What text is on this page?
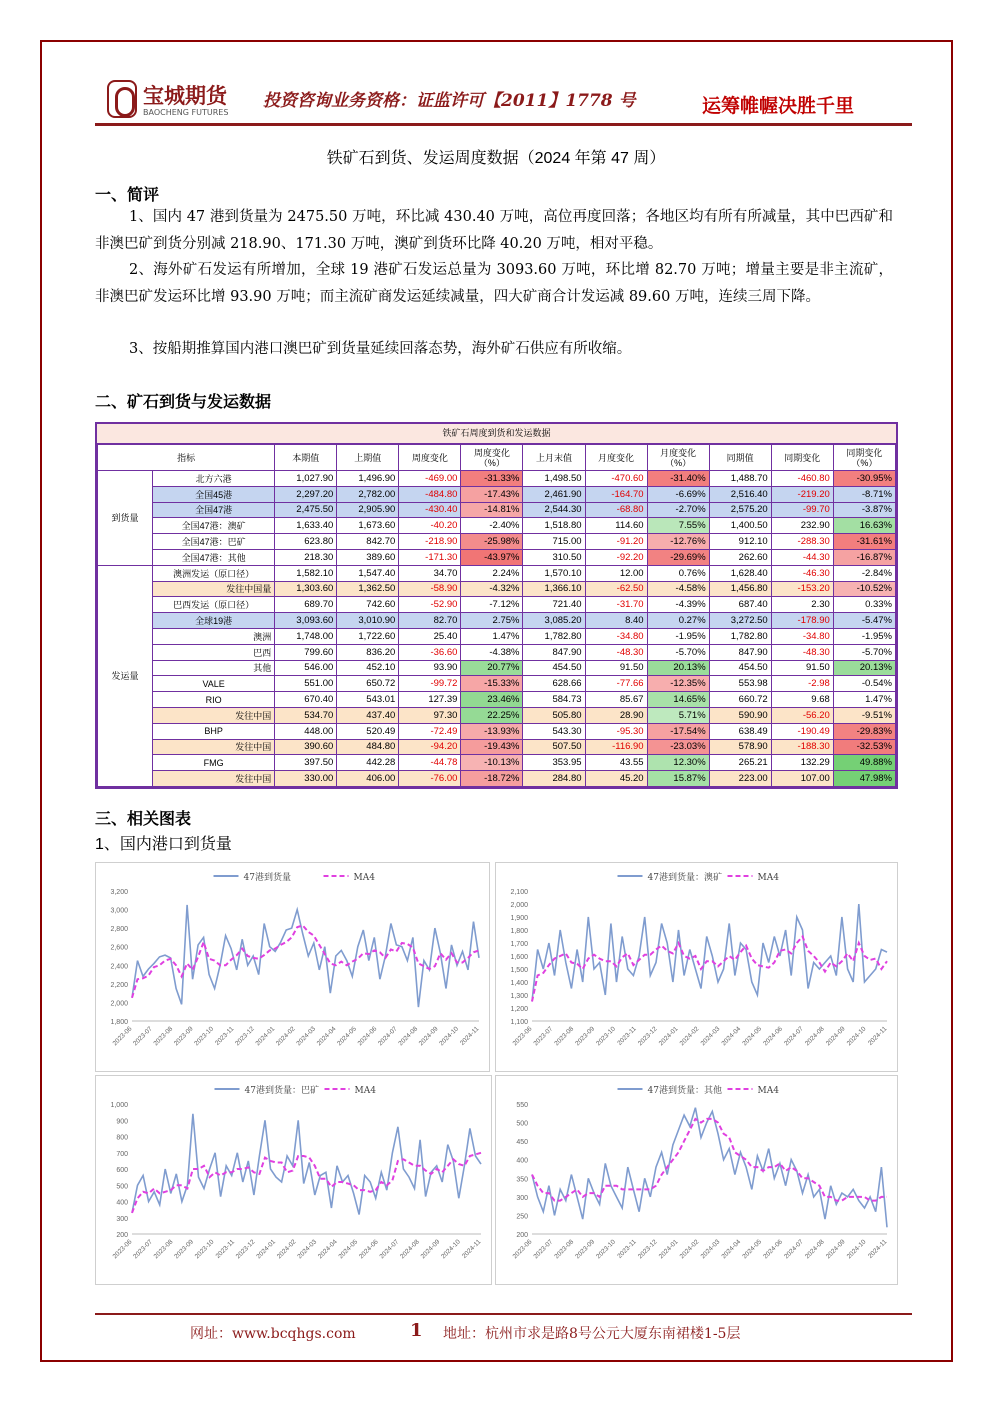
宝城期货
BAOCHENG FUTURES
投资咨询业务资格：证监许可【2011】1778 号	运筹帷幄决胜千里
铁矿石到货、发运周度数据（2024 年第 47 周）
一、简评
1、国内 47 港到货量为 2475.50 万吨，环比减 430.40 万吨，高位再度回落；各地区均有所有所减量，其中巴西矿和非澳巴矿到货分别减 218.90、171.30 万吨，澳矿到货环比降 40.20 万吨，相对平稳。
2、海外矿石发运有所增加，全球 19 港矿石发运总量为 3093.60 万吨，环比增 82.70 万吨；增量主要是非主流矿，非澳巴矿发运环比增 93.90 万吨；而主流矿商发运延续减量，四大矿商合计发运减 89.60 万吨，连续三周下降。
3、按船期推算国内港口澳巴矿到货量延续回落态势，海外矿石供应有所收缩。
二、矿石到货与发运数据
铁矿石周度到货和发运数据
指标		本期值	上期值	周度变化	周度变化（%）	上月末值	月度变化	月度变化（%）	同期值	同期变化	同期变化（%）
到货量	北方六港	1,027.90	1,496.90	-469.00	-31.33%	1,498.50	-470.60	-31.40%	1,488.70	-460.80	-30.95%
	全国45港	2,297.20	2,782.00	-484.80	-17.43%	2,461.90	-164.70	-6.69%	2,516.40	-219.20	-8.71%
	全国47港	2,475.50	2,905.90	-430.40	-14.81%	2,544.30	-68.80	-2.70%	2,575.20	-99.70	-3.87%
	全国47港：澳矿	1,633.40	1,673.60	-40.20	-2.40%	1,518.80	114.60	7.55%	1,400.50	232.90	16.63%
	全国47港：巴矿	623.80	842.70	-218.90	-25.98%	715.00	-91.20	-12.76%	912.10	-288.30	-31.61%
	全国47港：其他	218.30	389.60	-171.30	-43.97%	310.50	-92.20	-29.69%	262.60	-44.30	-16.87%
发运量	澳洲发运（原口径）	1,582.10	1,547.40	34.70	2.24%	1,570.10	12.00	0.76%	1,628.40	-46.30	-2.84%
	发往中国量	1,303.60	1,362.50	-58.90	-4.32%	1,366.10	-62.50	-4.58%	1,456.80	-153.20	-10.52%
	巴西发运（原口径）	689.70	742.60	-52.90	-7.12%	721.40	-31.70	-4.39%	687.40	2.30	0.33%
	全球19港	3,093.60	3,010.90	82.70	2.75%	3,085.20	8.40	0.27%	3,272.50	-178.90	-5.47%
	澳洲	1,748.00	1,722.60	25.40	1.47%	1,782.80	-34.80	-1.95%	1,782.80	-34.80	-1.95%
	巴西	799.60	836.20	-36.60	-4.38%	847.90	-48.30	-5.70%	847.90	-48.30	-5.70%
	其他	546.00	452.10	93.90	20.77%	454.50	91.50	20.13%	454.50	91.50	20.13%
	VALE	551.00	650.72	-99.72	-15.33%	628.66	-77.66	-12.35%	553.98	-2.98	-0.54%
	RIO	670.40	543.01	127.39	23.46%	584.73	85.67	14.65%	660.72	9.68	1.47%
	发往中国	534.70	437.40	97.30	22.25%	505.80	28.90	5.71%	590.90	-56.20	-9.51%
	BHP	448.00	520.49	-72.49	-13.93%	543.30	-95.30	-17.54%	638.49	-190.49	-29.83%
	发往中国	390.60	484.80	-94.20	-19.43%	507.50	-116.90	-23.03%	578.90	-188.30	-32.53%
	FMG	397.50	442.28	-44.78	-10.13%	353.95	43.55	12.30%	265.21	132.29	49.88%
	发往中国	330.00	406.00	-76.00	-18.72%	284.80	45.20	15.87%	223.00	107.00	47.98%
三、相关图表
1、国内港口到货量
47港到货量	MA4
1,800
2,000
2,200
2,400
2,600
2,800
3,000
3,200
2023-06
2023-07
2023-08
2023-09
2023-10
2023-11
2023-12
2024-01
2024-02
2024-03
2024-04
2024-05
2024-06
2024-07
2024-08
2024-09
2024-10
2024-11
47港到货量：澳矿	MA4
1,100
1,200
1,300
1,400
1,500
1,600
1,700
1,800
1,900
2,000
2,100
2023-06 2023-07 2023-08 2023-09 2023-10 2023-11 2023-12 2024-01 2024-02 2024-03 2024-04 2024-05 2024-06 2024-07 2024-08 2024-09 2024-10 2024-11
47港到货量：巴矿	MA4
200
300
400
500
600
700
800
900
1,000
2023-06
2023-07
2023-08
2023-09
2023-10 2023-11
2023-12
2024-01
2024-02
2024-03
2024-04
2024-05
2024-06
2024-07
2024-08
2024-09
2024-10 2024-11
47港到货量：其他	MA4
200
250
300
350
400
450
500
550
2023-06 2023-07 2023-08 2023-09 2023-10 2023-11 2023-12 2024-01 2024-02 2024-03 2024-04 2024-05 2024-06 2024-07 2024-08 2024-09 2024-10 2024-11
网址：www.bcqhgs.com	1 地址：杭州市求是路8号公元大厦东南裙楼1-5层
